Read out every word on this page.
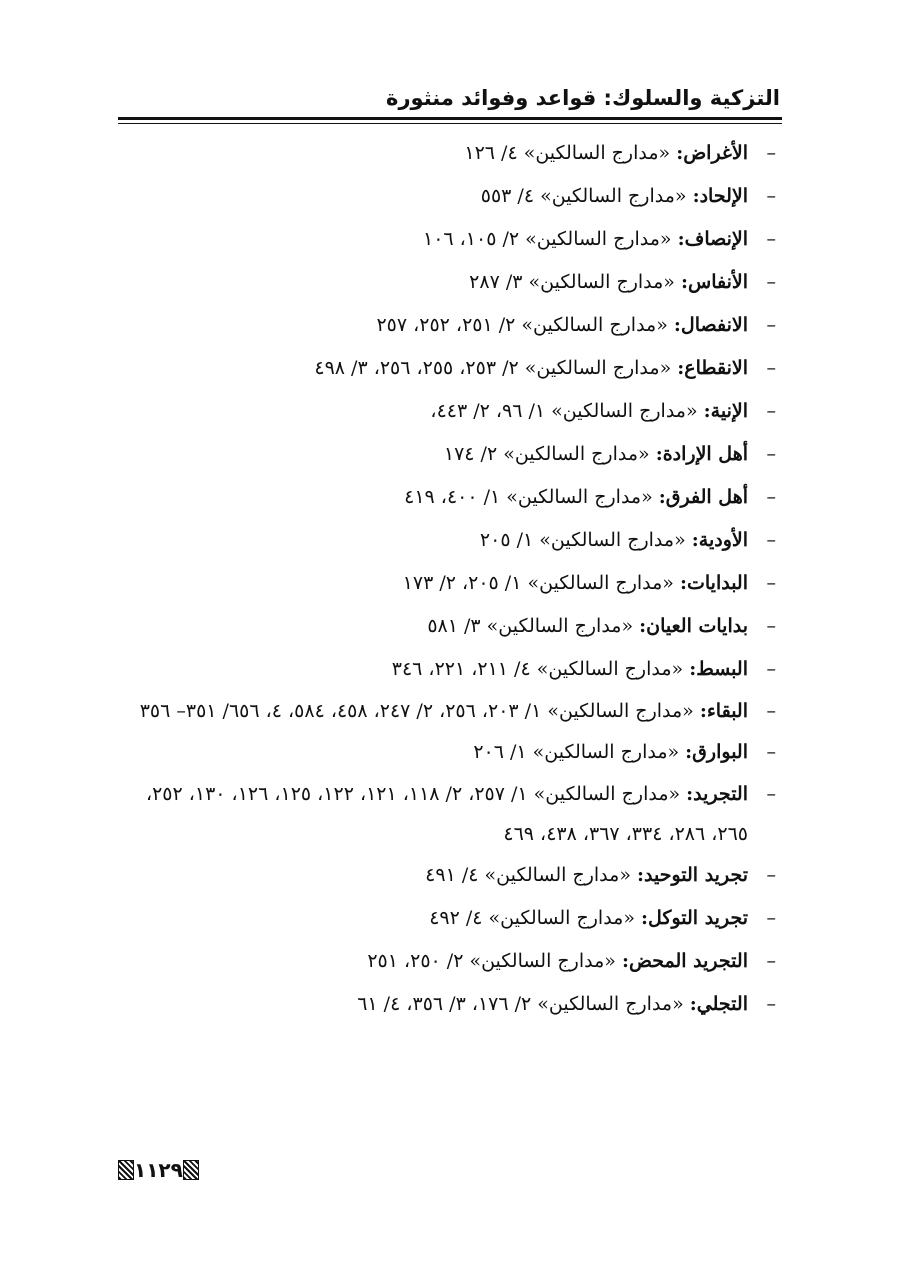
التزكية والسلوك: قواعد وفوائد منثورة
–
الأغراض: «مدارج السالكين» ٤/ ١٢٦
–
الإلحاد: «مدارج السالكين» ٤/ ٥٥٣
–
الإنصاف: «مدارج السالكين» ٢/ ١٠٥، ١٠٦
–
الأنفاس: «مدارج السالكين» ٣/ ٢٨٧
–
الانفصال: «مدارج السالكين» ٢/ ٢٥١، ٢٥٢، ٢٥٧
–
الانقطاع: «مدارج السالكين» ٢/ ٢٥٣، ٢٥٥، ٢٥٦، ٣/ ٤٩٨
–
الإنية: «مدارج السالكين» ١/ ٩٦، ٢/ ٤٤٣،
–
أهل الإرادة: «مدارج السالكين» ٢/ ١٧٤
–
أهل الفرق: «مدارج السالكين» ١/ ٤٠٠، ٤١٩
–
الأودية: «مدارج السالكين» ١/ ٢٠٥
–
البدايات: «مدارج السالكين» ١/ ٢٠٥، ٢/ ١٧٣
–
بدايات العيان: «مدارج السالكين» ٣/ ٥٨١
–
البسط: «مدارج السالكين» ٤/ ٢١١، ٢٢١، ٣٤٦
–
البقاء: «مدارج السالكين» ١/ ٢٠٣، ٢٥٦، ٢/ ٢٤٧، ٤٥٨، ٥٨٤، ٤، ٦٥٦/ ٣٥١– ٣٥٦
–
البوارق: «مدارج السالكين» ١/ ٢٠٦
–
التجريد: «مدارج السالكين» ١/ ٢٥٧، ٢/ ١١٨، ١٢١، ١٢٢، ١٢٥، ١٢٦، ١٣٠، ٢٥٢، ٢٦٥، ٢٨٦، ٣٣٤، ٣٦٧، ٤٣٨، ٤٦٩
–
تجريد التوحيد: «مدارج السالكين» ٤/ ٤٩١
–
تجريد التوكل: «مدارج السالكين» ٤/ ٤٩٢
–
التجريد المحض: «مدارج السالكين» ٢/ ٢٥٠، ٢٥١
–
التجلي: «مدارج السالكين» ٢/ ١٧٦، ٣/ ٣٥٦، ٤/ ٦١
١١٢٩
